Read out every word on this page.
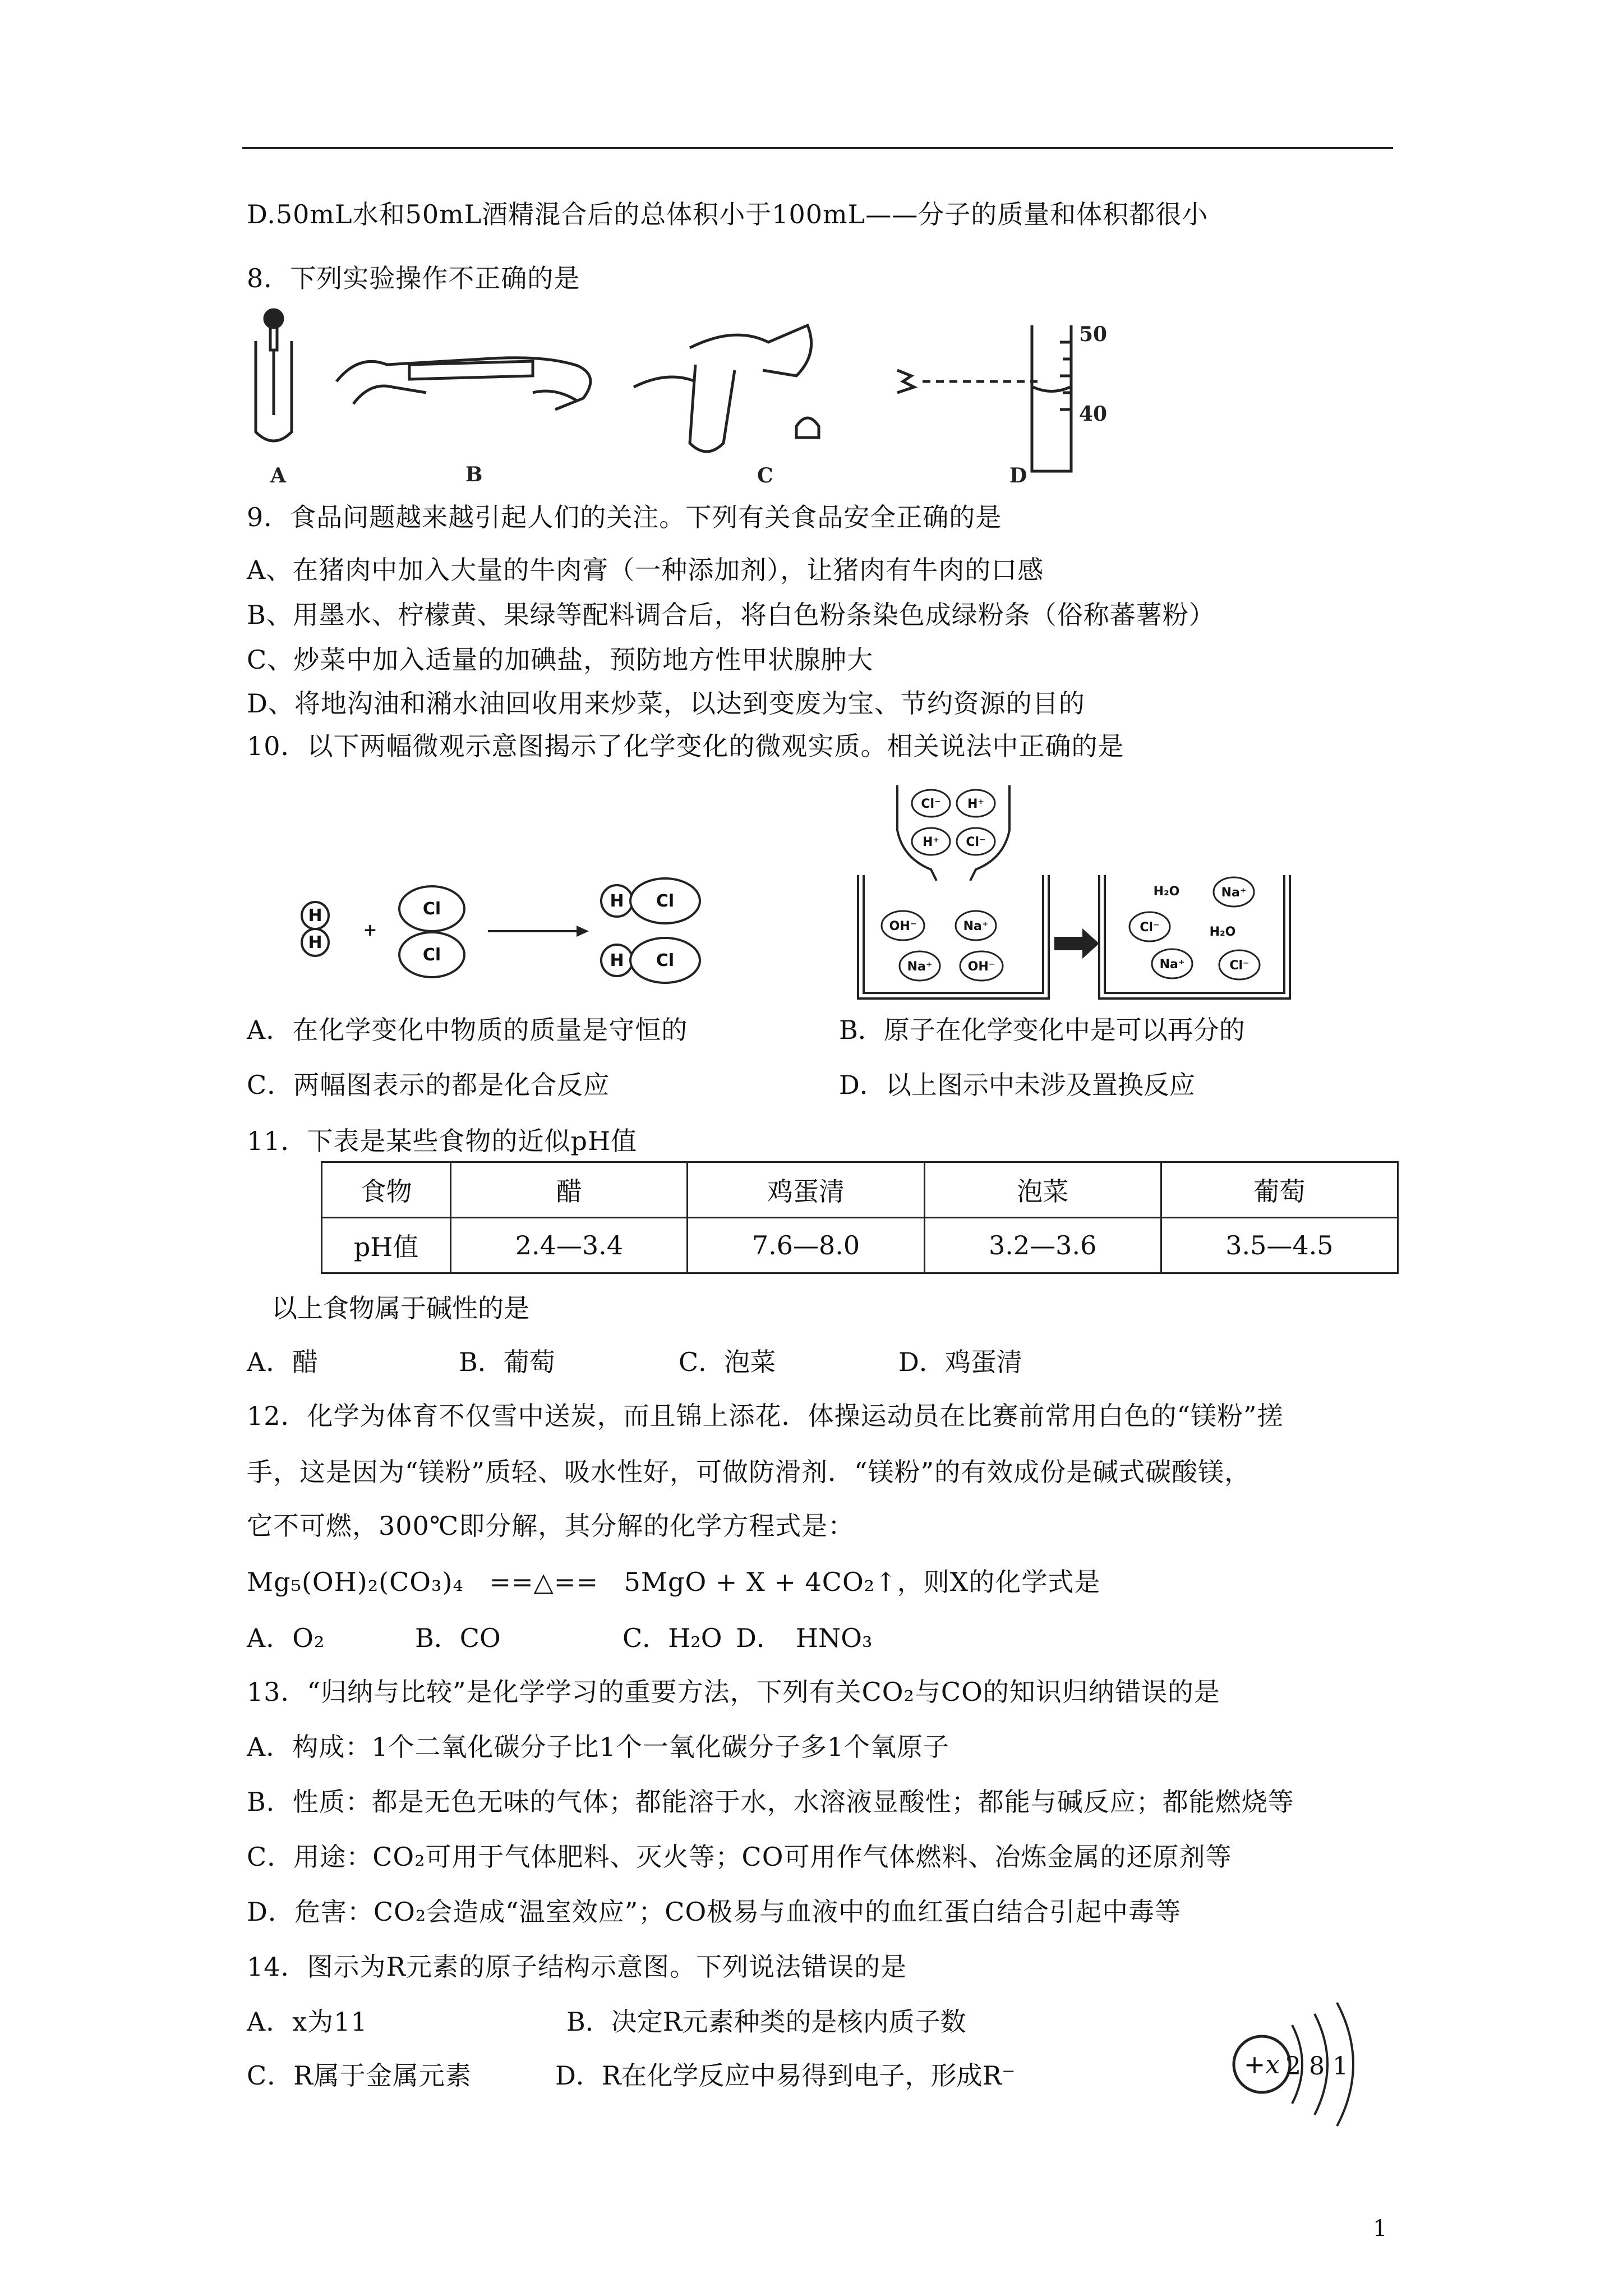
D.50mL水和50mL酒精混合后的总体积小于100mL——分子的质量和体积都很小
8．下列实验操作不正确的是
50
40
A	B	C	D
9．食品问题越来越引起人们的关注。下列有关食品安全正确的是
A、在猪肉中加入大量的牛肉膏（一种添加剂），让猪肉有牛肉的口感
B、用墨水、柠檬黄、果绿等配料调合后，将白色粉条染色成绿粉条（俗称蕃薯粉）
C、炒菜中加入适量的加碘盐，预防地方性甲状腺肿大
D、将地沟油和潲水油回收用来炒菜，以达到变废为宝、节约资源的目的
10．以下两幅微观示意图揭示了化学变化的微观实质。相关说法中正确的是
H
H
+
Cl
Cl
H Cl
H Cl
Cl⁻ H⁺
H⁺ Cl⁻
OH⁻	Na⁺
Na⁺	OH⁻
H₂O	Na⁺
Cl⁻	H₂O
Na⁺	Cl⁻
A．在化学变化中物质的质量是守恒的	B．原子在化学变化中是可以再分的
C．两幅图表示的都是化合反应	D．以上图示中未涉及置换反应
11．下表是某些食物的近似pH值
食物	醋	鸡蛋清	泡菜	葡萄
pH值	2.4—3.4	7.6—8.0	3.2—3.6	3.5—4.5
以上食物属于碱性的是
A．醋	B．葡萄	C．泡菜	D．鸡蛋清
12．化学为体育不仅雪中送炭，而且锦上添花．体操运动员在比赛前常用白色的“镁粉”搓
手，这是因为“镁粉”质轻、吸水性好，可做防滑剂．“镁粉”的有效成份是碱式碳酸镁，
它不可燃，300℃即分解，其分解的化学方程式是：
Mg₅(OH)₂(CO₃)₄ ==△== 5MgO + X + 4CO₂↑，则X的化学式是
A．O₂	B．CO	C．H₂O D． HNO₃
13．“归纳与比较”是化学学习的重要方法，下列有关CO₂与CO的知识归纳错误的是
A．构成：1个二氧化碳分子比1个一氧化碳分子多1个氧原子
B．性质：都是无色无味的气体；都能溶于水，水溶液显酸性；都能与碱反应；都能燃烧等
C．用途：CO₂可用于气体肥料、灭火等；CO可用作气体燃料、冶炼金属的还原剂等
D．危害：CO₂会造成“温室效应”；CO极易与血液中的血红蛋白结合引起中毒等
14．图示为R元素的原子结构示意图。下列说法错误的是
A．x为11	B．决定R元素种类的是核内质子数
C．R属于金属元素	D．R在化学反应中易得到电子，形成R⁻	+x 2 8 1
1
